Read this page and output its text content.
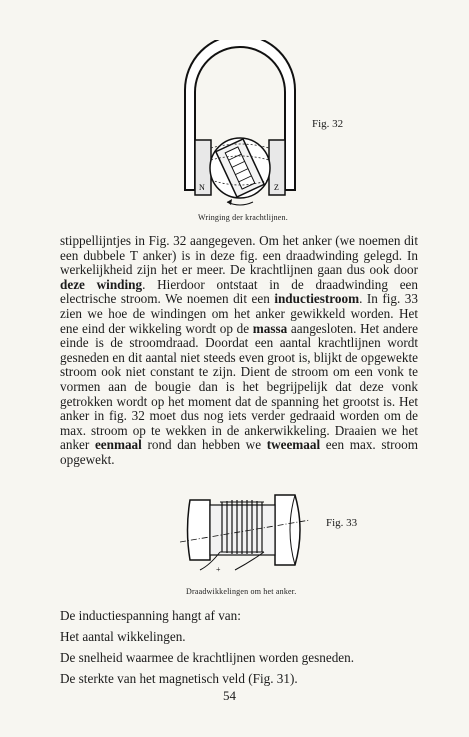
N	Z
Fig. 32
Wringing der krachtlijnen.
stippellijntjes in Fig. 32 aangegeven. Om het anker (we noemen dit een dubbele T anker) is in deze fig. een draadwinding gelegd. In werkelijkheid zijn het er meer. De krachtlijnen gaan dus ook door deze winding. Hierdoor ontstaat in de draadwinding een electrische stroom. We noemen dit een inductiestroom. In fig. 33 zien we hoe de windingen om het anker gewikkeld worden. Het ene eind der wikkeling wordt op de massa aangesloten. Het andere einde is de stroomdraad. Doordat een aantal krachtlijnen wordt gesneden en dit aantal niet steeds even groot is, blijkt de opgewekte stroom ook niet constant te zijn. Dient de stroom om een vonk te vormen aan de bougie dan is het begrijpelijk dat deze vonk getrokken wordt op het moment dat de spanning het grootst is. Het anker in fig. 32 moet dus nog iets verder gedraaid worden om de max. stroom op te wekken in de ankerwikkeling. Draaien we het anker eenmaal rond dan hebben we tweemaal een max. stroom opgewekt.
+
Fig. 33
Draadwikkelingen om het anker.
De inductiespanning hangt af van:
Het aantal wikkelingen.
De snelheid waarmee de krachtlijnen worden gesneden.
De sterkte van het magnetisch veld (Fig. 31).
54
